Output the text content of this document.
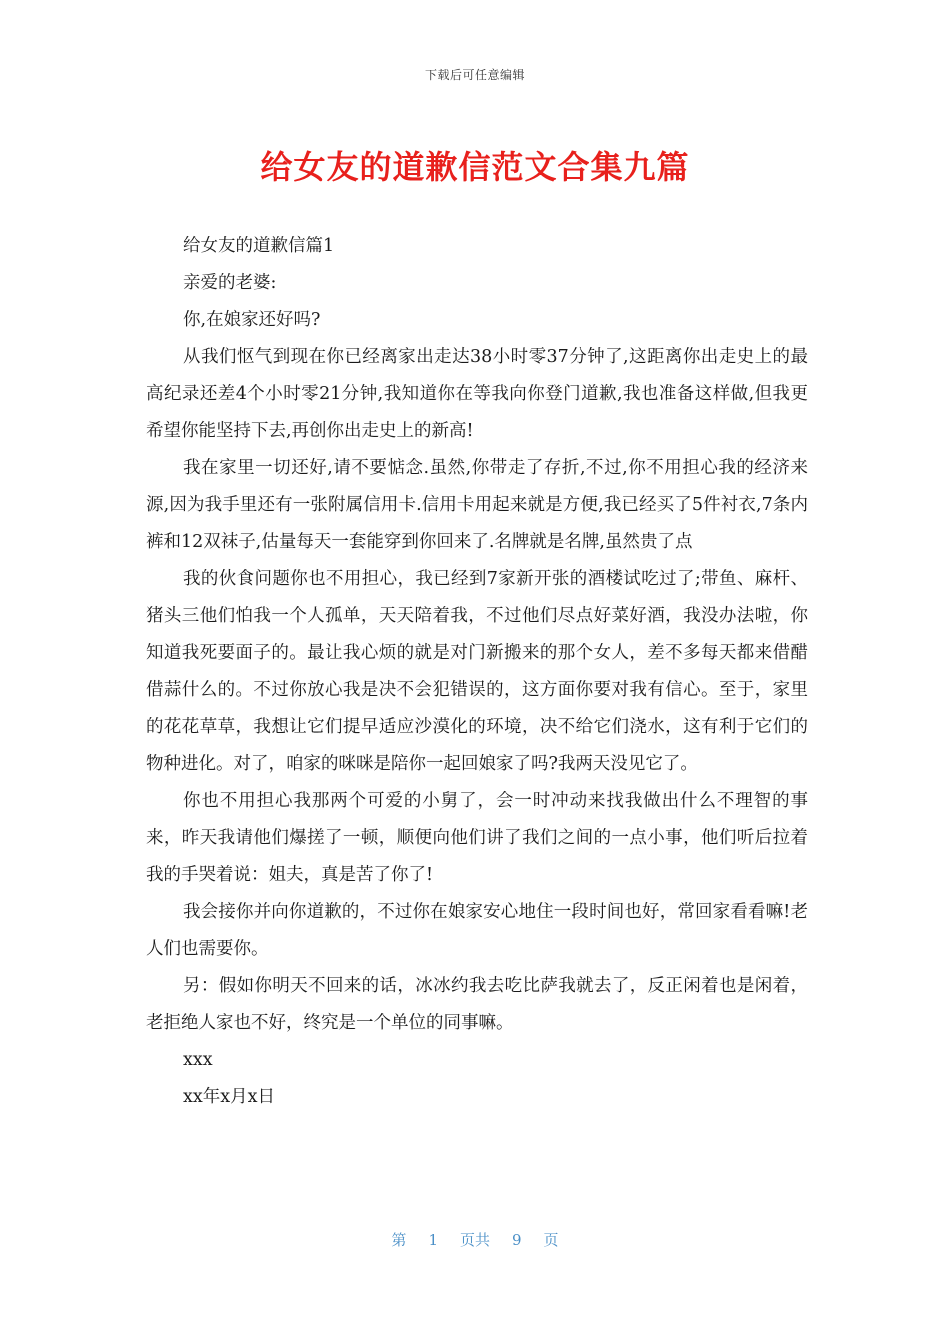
下载后可任意编辑
给女友的道歉信范文合集九篇

给女友的道歉信篇1

亲爱的老婆:

你,在娘家还好吗?

从我们怄气到现在你已经离家出走达38小时零37分钟了,这距离你出走史上的最高纪录还差4个小时零21分钟,我知道你在等我向你登门道歉,我也准备这样做,但我更希望你能坚持下去,再创你出走史上的新高!

我在家里一切还好,请不要惦念.虽然,你带走了存折,不过,你不用担心我的经济来源,因为我手里还有一张附属信用卡.信用卡用起来就是方便,我已经买了5件衬衣,7条内裤和12双袜子,估量每天一套能穿到你回来了.名牌就是名牌,虽然贵了点

我的伙食问题你也不用担心，我已经到7家新开张的酒楼试吃过了;带鱼、麻杆、猪头三他们怕我一个人孤单，天天陪着我，不过他们尽点好菜好酒，我没办法啦，你知道我死要面子的。最让我心烦的就是对门新搬来的那个女人，差不多每天都来借醋借蒜什么的。不过你放心我是决不会犯错误的，这方面你要对我有信心。至于，家里的花花草草，我想让它们提早适应沙漠化的环境，决不给它们浇水，这有利于它们的物种进化。对了，咱家的咪咪是陪你一起回娘家了吗?我两天没见它了。

你也不用担心我那两个可爱的小舅了，会一时冲动来找我做出什么不理智的事来，昨天我请他们爆搓了一顿，顺便向他们讲了我们之间的一点小事，他们听后拉着我的手哭着说：姐夫，真是苦了你了!

我会接你并向你道歉的，不过你在娘家安心地住一段时间也好，常回家看看嘛!老人们也需要你。

另：假如你明天不回来的话，冰冰约我去吃比萨我就去了，反正闲着也是闲着，老拒绝人家也不好，终究是一个单位的同事嘛。

xxx

xx年x月x日

第 1 页共 9 页
